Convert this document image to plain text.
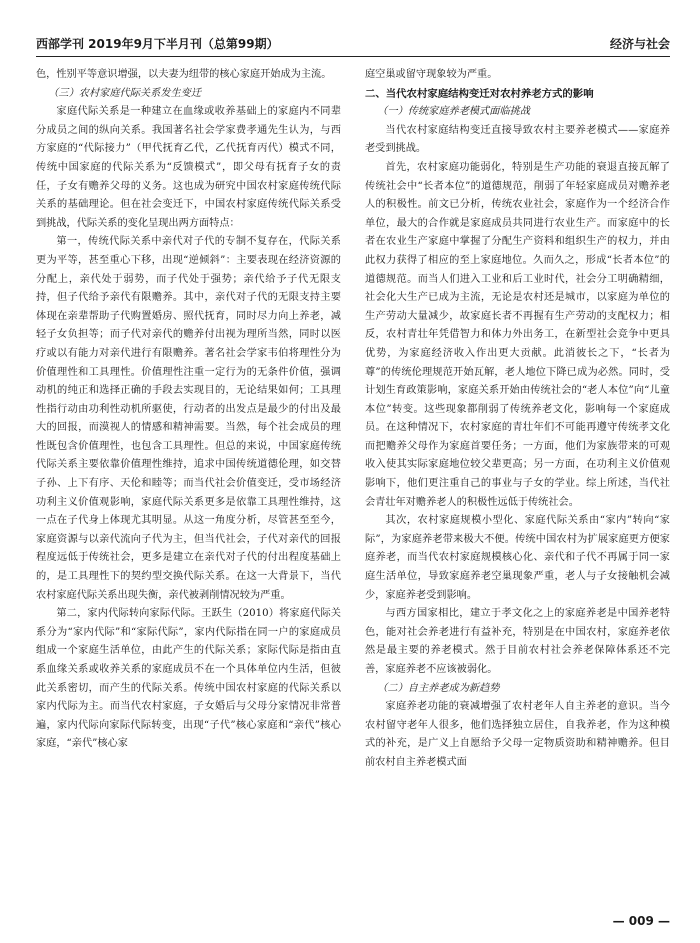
西部学刊 2019年9月下半月刊（总第99期）	经济与社会

色，性别平等意识增强，以夫妻为纽带的核心家庭开始成为主流。

（三）农村家庭代际关系发生变迁

家庭代际关系是一种建立在血缘或收养基础上的家庭内不同辈分成员之间的纵向关系。我国著名社会学家费孝通先生认为，与西方家庭的“代际接力”（甲代抚育乙代，乙代抚育丙代）模式不同，传统中国家庭的代际关系为“反馈模式”，即父母有抚育子女的责任，子女有赡养父母的义务。这也成为研究中国农村家庭传统代际关系的基础理论。但在社会变迁下，中国农村家庭传统代际关系受到挑战，代际关系的变化呈现出两方面特点：

第一，传统代际关系中亲代对子代的专制不复存在，代际关系更为平等，甚至重心下移，出现“逆倾斜”：主要表现在经济资源的分配上，亲代处于弱势，而子代处于强势；亲代给予子代无限支持，但子代给予亲代有限赡养。其中，亲代对子代的无限支持主要体现在亲辈帮助子代购置婚房、照代抚育，同时尽力向上养老，减轻子女负担等；而子代对亲代的赡养付出视为理所当然，同时以医疗或以有能力对亲代进行有限赡养。著名社会学家韦伯将理性分为价值理性和工具理性。价值理性注重一定行为的无条件价值，强调动机的纯正和选择正确的手段去实现目的，无论结果如何；工具理性指行动由功利性动机所驱使，行动者的出发点是最少的付出及最大的回报，而漠视人的情感和精神需要。当然，每个社会成员的理性既包含价值理性，也包含工具理性。但总的来说，中国家庭传统代际关系主要依靠价值理性维持，追求中国传统道德伦理，如交替子孙、上下有序、天伦和睦等；而当代社会价值变迁，受市场经济功利主义价值观影响，家庭代际关系更多是依靠工具理性维持，这一点在子代身上体现尤其明显。从这一角度分析，尽管甚至至今，家庭资源与以亲代流向子代为主，但当代社会，子代对亲代的回报程度远低于传统社会，更多是建立在亲代对子代的付出程度基础上的，是工具理性下的契约型交换代际关系。在这一大背景下，当代农村家庭代际关系出现失衡，亲代被剥削情况较为严重。

第二，家内代际转向家际代际。王跃生（2010）将家庭代际关系分为“家内代际”和“家际代际”，家内代际指在同一户的家庭成员组成一个家庭生活单位，由此产生的代际关系；家际代际是指由直系血缘关系或收养关系的家庭成员不在一个具体单位内生活，但彼此关系密切，而产生的代际关系。传统中国农村家庭的代际关系以家内代际为主。而当代农村家庭，子女婚后与父母分家情况非常普遍，家内代际向家际代际转变，出现“子代”核心家庭和“亲代”核心家庭，“亲代”核心家

庭空巢或留守现象较为严重。

二、当代农村家庭结构变迁对农村养老方式的影响
（一）传统家庭养老模式面临挑战

当代农村家庭结构变迁直接导致农村主要养老模式——家庭养老受到挑战。

首先，农村家庭功能弱化，特别是生产功能的衰退直接瓦解了传统社会中“长者本位”的道德规范，削弱了年轻家庭成员对赡养老人的积极性。前文已分析，传统农业社会，家庭作为一个经济合作单位，最大的合作就是家庭成员共同进行农业生产。而家庭中的长者在农业生产家庭中掌握了分配生产资料和组织生产的权力，并由此权力获得了相应的至上家庭地位。久而久之，形成“长者本位”的道德规范。而当人们进入工业和后工业时代，社会分工明确精细，社会化大生产已成为主流，无论是农村还是城市，以家庭为单位的生产劳动大量减少，故家庭长者不再握有生产劳动的支配权力；相反，农村青壮年凭借智力和体力外出务工，在新型社会竞争中更具优势，为家庭经济收入作出更大贡献。此消彼长之下，“长者为尊”的传统伦理规范开始瓦解，老人地位下降已成为必然。同时，受计划生育政策影响，家庭关系开始由传统社会的“老人本位”向“儿童本位”转变。这些现象都削弱了传统养老文化，影响每一个家庭成员。在这种情况下，农村家庭的青壮年们不可能再遵守传统孝文化而把赡养父母作为家庭首要任务；一方面，他们为家族带来的可观收入使其实际家庭地位较父辈更高；另一方面，在功利主义价值观影响下，他们更注重自己的事业与子女的学业。综上所述，当代社会青壮年对赡养老人的积极性远低于传统社会。

其次，农村家庭规模小型化、家庭代际关系由“家内”转向“家际”，为家庭养老带来极大不便。传统中国农村为扩展家庭更方便家庭养老，而当代农村家庭规模核心化、亲代和子代不再属于同一家庭生活单位，导致家庭养老空巢现象严重，老人与子女接触机会减少，家庭养老受到影响。

与西方国家相比，建立于孝文化之上的家庭养老是中国养老特色，能对社会养老进行有益补充，特别是在中国农村，家庭养老依然是最主要的养老模式。然于目前农村社会养老保障体系还不完善，家庭养老不应该被弱化。

（二）自主养老成为新趋势

家庭养老功能的衰减增强了农村老年人自主养老的意识。当今农村留守老年人很多，他们选择独立居住，自我养老，作为这种模式的补充，是广义上自愿给予父母一定物质资助和精神赡养。但目前农村自主养老模式面

— 009 —
